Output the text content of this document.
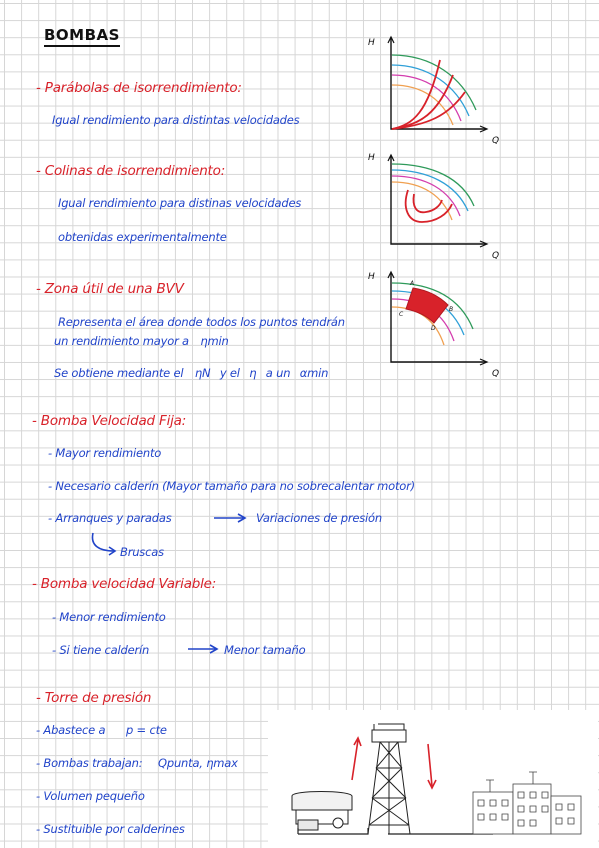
BOMBAS
- Parábolas de isorrendimiento:
Igual rendimiento para distintas velocidades
- Colinas de isorrendimiento:
Igual rendimiento para distinas velocidades
obtenidas experimentalmente
- Zona útil de una BVV
Representa el área donde todos los puntos tendrán
un rendimiento mayor a ηmin
Se obtiene mediante el ηN y el η a un αmin
- Bomba Velocidad Fija:
- Mayor rendimiento
- Necesario calderín (Mayor tamaño para no sobrecalentar motor)
- Arranques y paradas	Variaciones de presión
Bruscas
- Bomba velocidad Variable:
- Menor rendimiento
- Si tiene calderín	Menor tamaño
- Torre de presión
- Abastece a p = cte
- Bombas trabajan: Qpunta, ηmax
- Volumen pequeño
- Sustituible por calderines
H
Q
H
Q
H
Q
A
B
C
D
